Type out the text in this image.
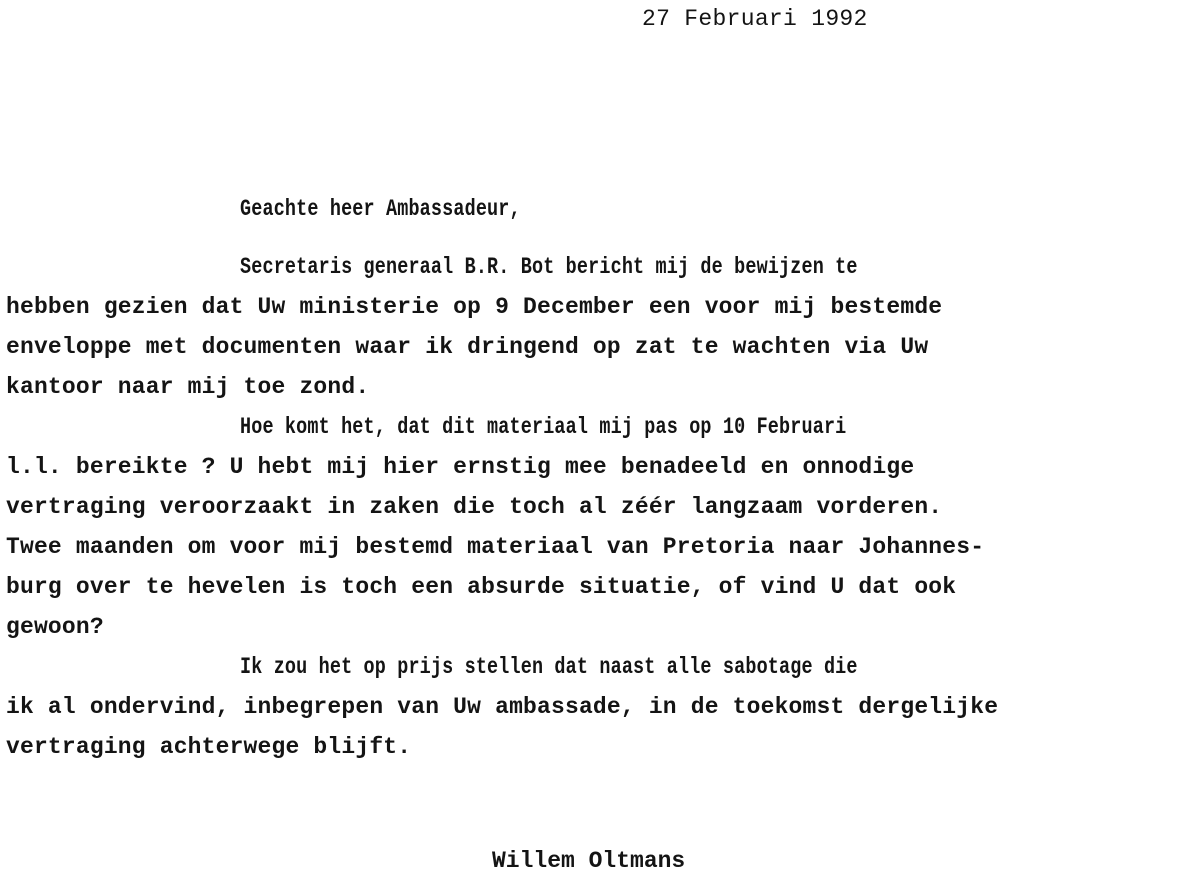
27 Februari 1992
Geachte heer Ambassadeur,
Secretaris generaal B.R. Bot bericht mij de bewijzen te
hebben gezien dat Uw ministerie op 9 December een voor mij bestemde
enveloppe met documenten waar ik dringend op zat te wachten via Uw
kantoor naar mij toe zond.
Hoe komt het, dat dit materiaal mij pas op 10 Februari
l.l. bereikte ? U hebt mij hier ernstig mee benadeeld en onnodige
vertraging veroorzaakt in zaken die toch al zéér langzaam vorderen.
Twee maanden om voor mij bestemd materiaal van Pretoria naar Johannes-
burg over te hevelen is toch een absurde situatie, of vind U dat ook
gewoon?
Ik zou het op prijs stellen dat naast alle sabotage die
ik al ondervind, inbegrepen van Uw ambassade, in de toekomst dergelijke
vertraging achterwege blijft.
Willem Oltmans
